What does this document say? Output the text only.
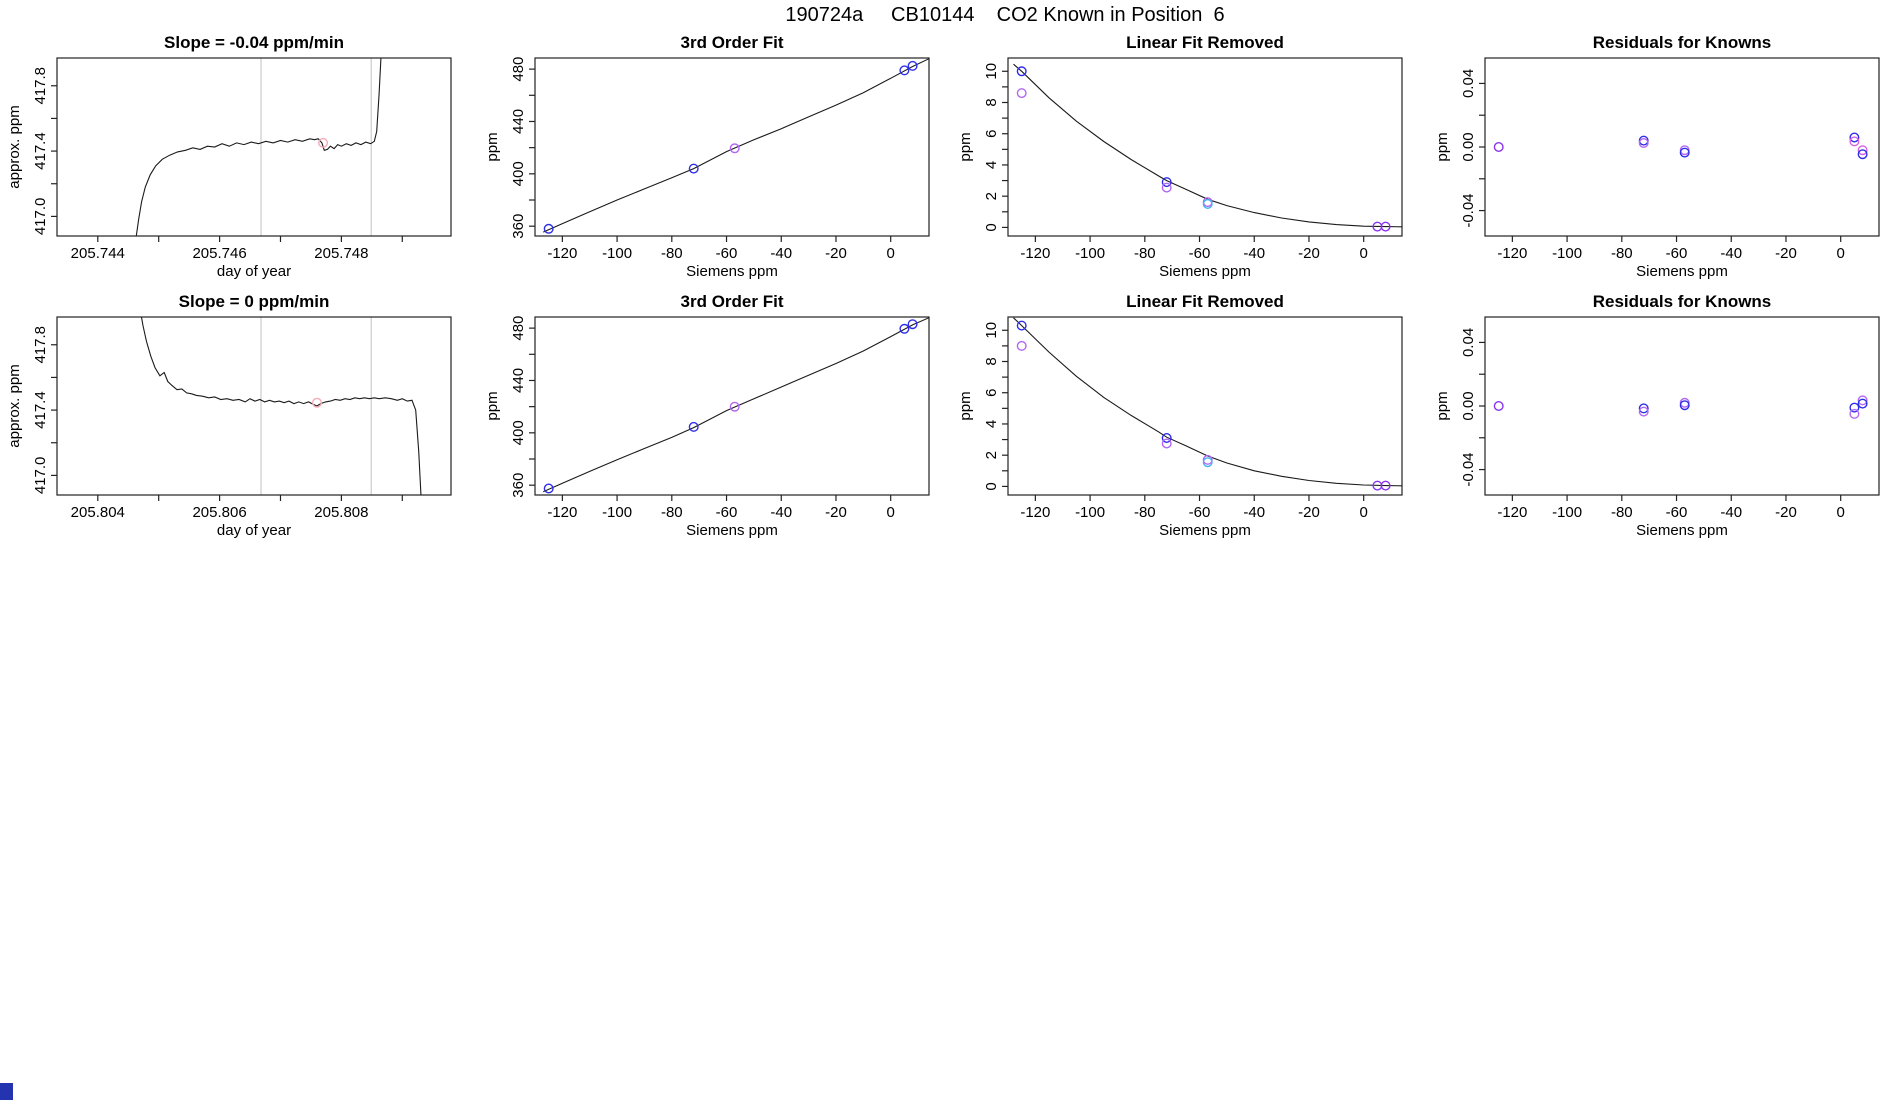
190724a     CB10144    CO2 Known in Position  6
205.744	205.746	205.748
417.0
417.4
417.8
Slope = -0.04 ppm/min
day of year
approx. ppm
-120 -100 -80 -60 -40 -20	0
360
400
440
480
3rd Order Fit
Siemens ppm
ppm
-120 -100 -80 -60 -40 -20	0
0
2
4
6
8
10
Linear Fit Removed
Siemens ppm
ppm
-120 -100 -80 -60 -40 -20	0
-0.04
0.00
0.04
Residuals for Knowns
Siemens ppm
ppm
205.804	205.806	205.808
417.0
417.4
417.8
Slope = 0 ppm/min
day of year
approx. ppm
-120 -100 -80 -60 -40 -20	0
360
400
440
480
3rd Order Fit
Siemens ppm
ppm
-120 -100 -80 -60 -40 -20	0
0
2
4
6
8
10
Linear Fit Removed
Siemens ppm
ppm
-120 -100 -80 -60 -40 -20	0
-0.04
0.00
0.04
Residuals for Knowns
Siemens ppm
ppm
